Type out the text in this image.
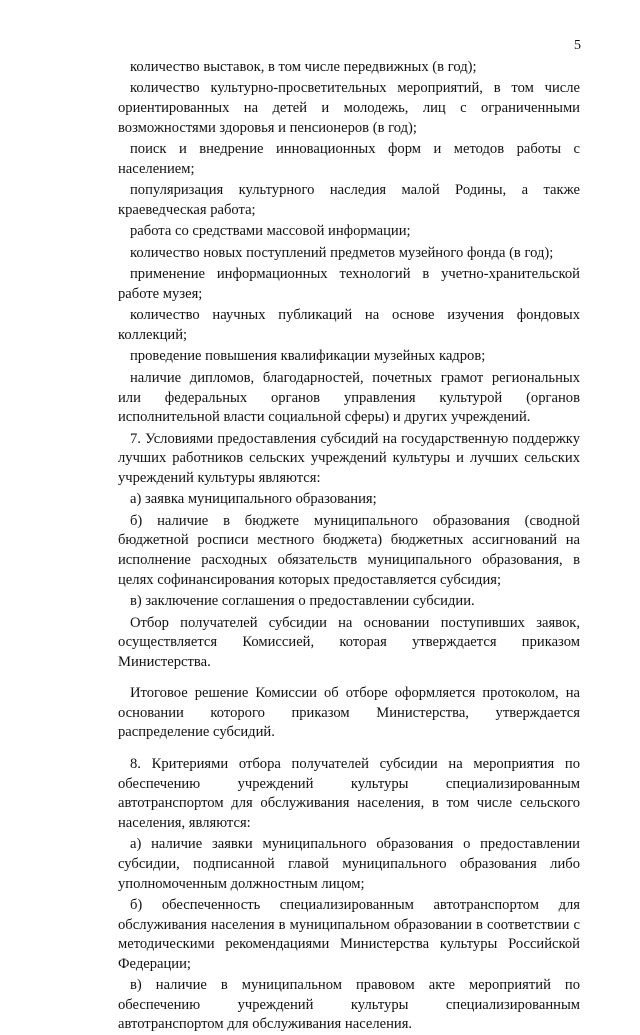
5

количество выставок, в том числе передвижных (в год);

количество культурно-просветительных мероприятий, в том числе ориентированных на детей и молодежь, лиц с ограниченными возможностями здоровья и пенсионеров (в год);

поиск и внедрение инновационных форм и методов работы с населением;

популяризация культурного наследия малой Родины, а также краеведческая работа;

работа со средствами массовой информации;

количество новых поступлений предметов музейного фонда (в год);

применение информационных технологий в учетно-хранительской работе музея;

количество научных публикаций на основе изучения фондовых коллекций;

проведение повышения квалификации музейных кадров;

наличие дипломов, благодарностей, почетных грамот региональных или федеральных органов управления культурой (органов исполнительной власти социальной сферы) и других учреждений.

7. Условиями предоставления субсидий на государственную поддержку лучших работников сельских учреждений культуры и лучших сельских учреждений культуры являются:

а) заявка муниципального образования;

б) наличие в бюджете муниципального образования (сводной бюджетной росписи местного бюджета) бюджетных ассигнований на исполнение расходных обязательств муниципального образования, в целях софинансирования которых предоставляется субсидия;

в) заключение соглашения о предоставлении субсидии.

Отбор получателей субсидии на основании поступивших заявок, осуществляется Комиссией, которая утверждается приказом Министерства.

Итоговое решение Комиссии об отборе оформляется протоколом, на основании которого приказом Министерства, утверждается распределение субсидий.

8. Критериями отбора получателей субсидии на мероприятия по обеспечению учреждений культуры специализированным автотранспортом для обслуживания населения, в том числе сельского населения, являются:

а) наличие заявки муниципального образования о предоставлении субсидии, подписанной главой муниципального образования либо уполномоченным должностным лицом;

б) обеспеченность специализированным автотранспортом для обслуживания населения в муниципальном образовании в соответствии с методическими рекомендациями Министерства культуры Российской Федерации;

в) наличие в муниципальном правовом акте мероприятий по обеспечению учреждений культуры специализированным автотранспортом для обслуживания населения.
